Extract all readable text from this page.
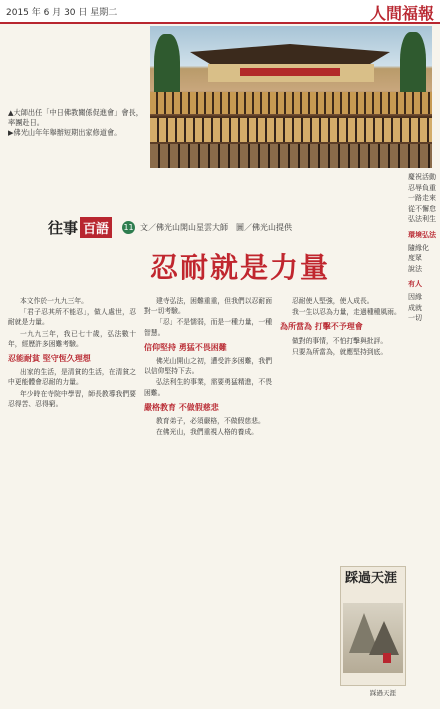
2015 年 6 月 30 日 星期二	人間福報

▲大師出任「中日佛教關係促進會」會長，率團赴日。

▶佛光山年年舉辦短期出家修道會。

慶祝活動

忍辱負重

一路走來

從不懈怠

弘法利生

環境弘法

隨緣化

度眾

說法

有人

因緣

成就

一切

往事 百語	11 文／佛光山開山星雲大師　圖／佛光山提供
忍耐就是力量

本文作於一九九三年。

「君子忍其所不能忍」，做人處世，忍耐就是力量。

一九九三年，我已七十歲，弘法數十年，經歷許多困難考驗。

忍能耐貧 堅守恆久理想

出家的生活，是清貧的生活，在清貧之中更能體會忍耐的力量。

年少時在寺院中學習，師長教導我們要忍得苦、忍得窮。

建寺弘法，困難重重，但我們以忍耐面對一切考驗。

「忍」不是懦弱，而是一種力量，一種智慧。

信仰堅持 勇猛不畏困難

佛光山開山之初，遭受許多困難，我們以信仰堅持下去。

弘法利生的事業，需要勇猛精進，不畏困難。

嚴格教育 不做假慈悲

教育弟子，必須嚴格，不做假慈悲。

在佛光山，我們重視人格的養成。

忍耐使人堅強，使人成長。

我一生以忍為力量，走過種種風雨。

為所當為 打擊不予理會

做對的事情，不怕打擊與批評。

只要為所當為，就應堅持到底。

踩過天涯
踩過天涯
